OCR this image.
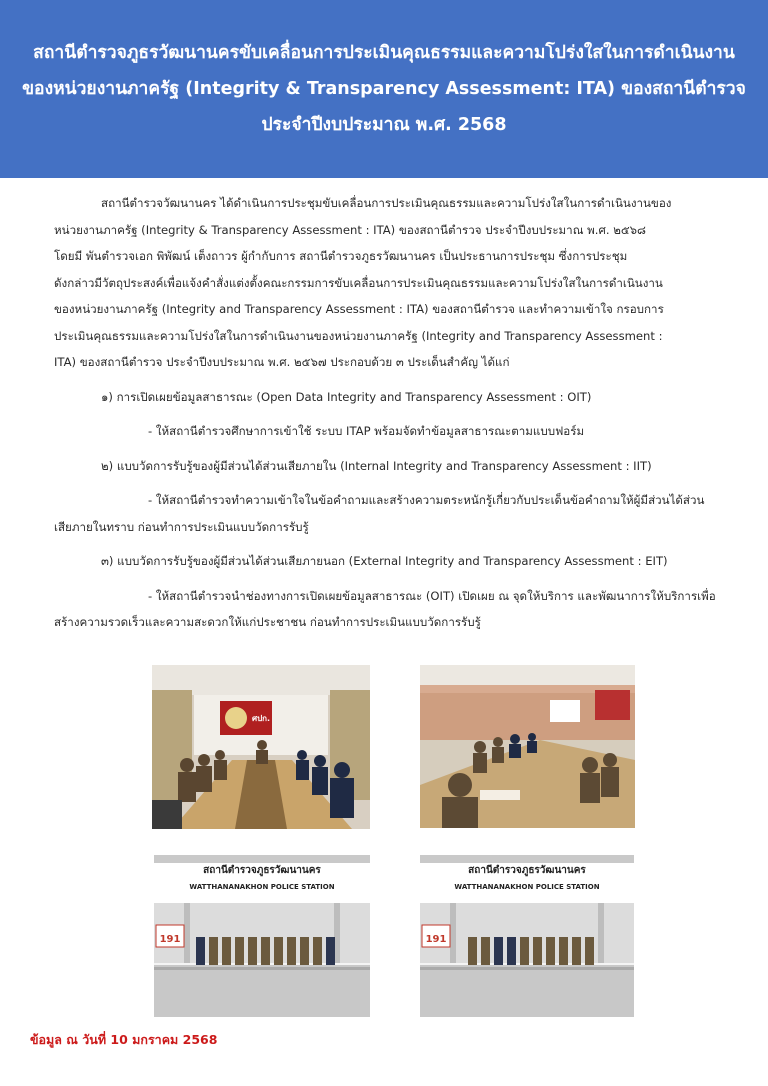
สถานีตำรวจภูธรวัฒนานครขับเคลื่อนการประเมินคุณธรรมและความโปร่งใสในการดำเนินงาน
ของหน่วยงานภาครัฐ (Integrity & Transparency Assessment: ITA) ของสถานีตำรวจ
ประจำปีงบประมาณ พ.ศ. 2568
สถานีตำรวจวัฒนานคร ได้ดำเนินการประชุมขับเคลื่อนการประเมินคุณธรรมและความโปร่งใสในการดำเนินงานของ
หน่วยงานภาครัฐ (Integrity & Transparency Assessment : ITA) ของสถานีตำรวจ ประจำปีงบประมาณ พ.ศ. ๒๕๖๘
โดยมี พันตำรวจเอก พิพัฒน์ เต็งถาวร ผู้กำกับการ สถานีตำรวจภูธรวัฒนานคร เป็นประธานการประชุม ซึ่งการประชุม
ดังกล่าวมีวัตถุประสงค์เพื่อแจ้งคำสั่งแต่งตั้งคณะกรรมการขับเคลื่อนการประเมินคุณธรรมและความโปร่งใสในการดำเนินงาน
ของหน่วยงานภาครัฐ (Integrity and Transparency Assessment : ITA) ของสถานีตำรวจ และทำความเข้าใจ กรอบการ
ประเมินคุณธรรมและความโปร่งใสในการดำเนินงานของหน่วยงานภาครัฐ (Integrity and Transparency Assessment :
ITA) ของสถานีตำรวจ ประจำปีงบประมาณ พ.ศ. ๒๕๖๗ ประกอบด้วย ๓ ประเด็นสำคัญ ได้แก่
๑) การเปิดเผยข้อมูลสาธารณะ (Open Data Integrity and Transparency Assessment : OIT)
- ให้สถานีตำรวจศึกษาการเข้าใช้ ระบบ ITAP พร้อมจัดทำข้อมูลสาธารณะตามแบบฟอร์ม
๒) แบบวัดการรับรู้ของผู้มีส่วนได้ส่วนเสียภายใน (Internal Integrity and Transparency Assessment : IIT)
- ให้สถานีตำรวจทำความเข้าใจในข้อคำถามและสร้างความตระหนักรู้เกี่ยวกับประเด็นข้อคำถามให้ผู้มีส่วนได้ส่วนเสียภายในทราบ ก่อนทำการประเมินแบบวัดการรับรู้
๓) แบบวัดการรับรู้ของผู้มีส่วนได้ส่วนเสียภายนอก (External Integrity and Transparency Assessment : EIT)
- ให้สถานีตำรวจนำช่องทางการเปิดเผยข้อมูลสาธารณะ (OIT) เปิดเผย ณ จุดให้บริการ และพัฒนาการให้บริการเพื่อสร้างความรวดเร็วและความสะดวกให้แก่ประชาชน ก่อนทำการประเมินแบบวัดการรับรู้
ศปก.
สถานีตำรวจภูธรวัฒนานคร
WATTHANANAKHON POLICE STATION
191
สถานีตำรวจภูธรวัฒนานคร
WATTHANANAKHON POLICE STATION
191
ข้อมูล ณ วันที่ 10 มกราคม 2568
